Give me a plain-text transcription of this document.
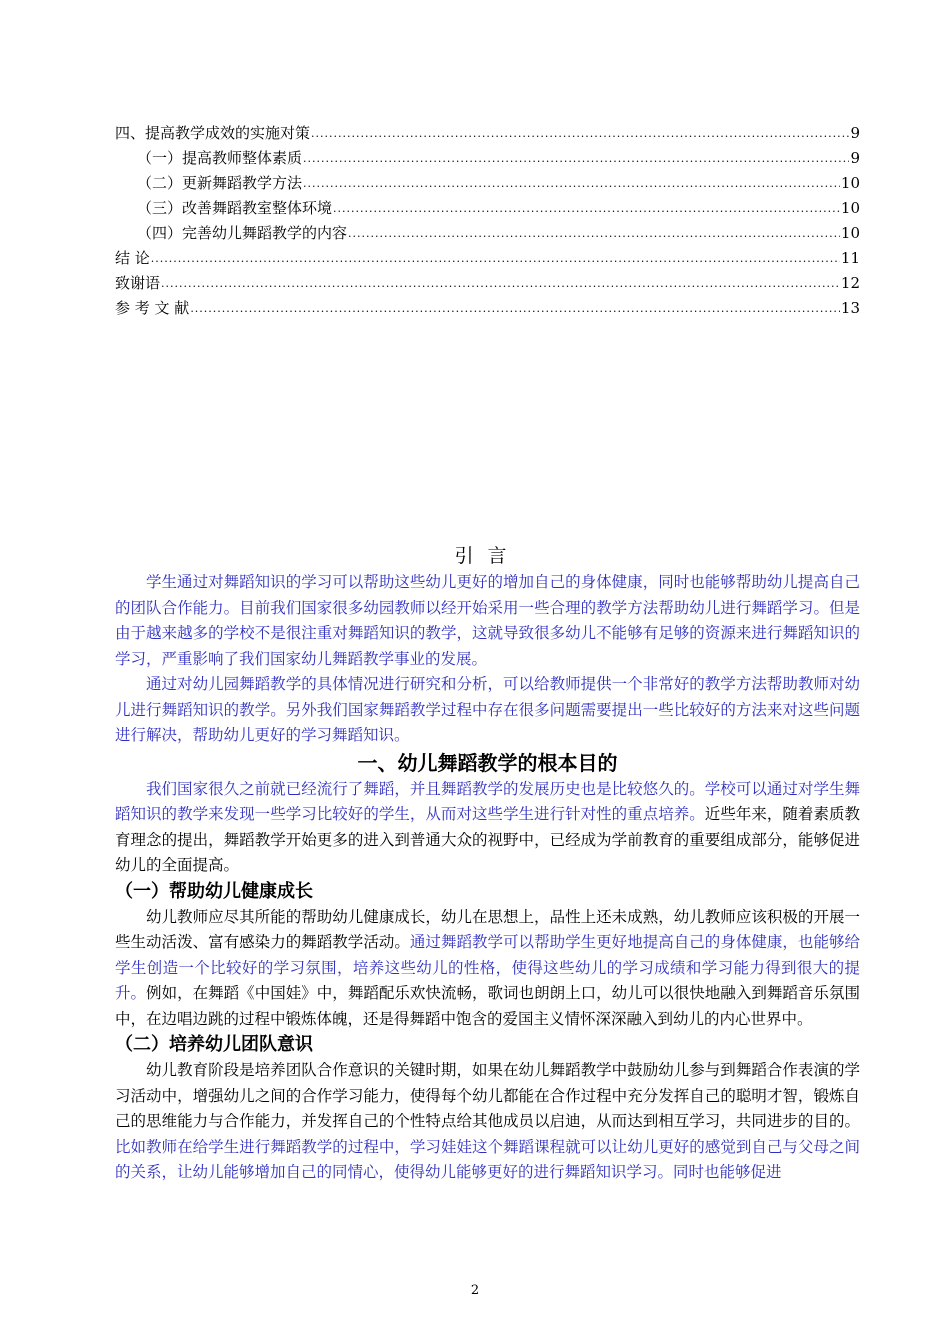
四、提高教学成效的实施对策 .....	9
（一）提高教师整体素质 .....	9
（二）更新舞蹈教学方法 .....	10
（三）改善舞蹈教室整体环境 .....	10
（四）完善幼儿舞蹈教学的内容 .....	10
结 论 .....	11
致谢语 .....	12
参 考 文 献 .....	13
引言

学生通过对舞蹈知识的学习可以帮助这些幼儿更好的增加自己的身体健康，同时也能够帮助幼儿提高自己的团队合作能力。目前我们国家很多幼园教师以经开始采用一些合理的教学方法帮助幼儿进行舞蹈学习。但是由于越来越多的学校不是很注重对舞蹈知识的教学，这就导致很多幼儿不能够有足够的资源来进行舞蹈知识的学习，严重影响了我们国家幼儿舞蹈教学事业的发展。

通过对幼儿园舞蹈教学的具体情况进行研究和分析，可以给教师提供一个非常好的教学方法帮助教师对幼儿进行舞蹈知识的教学。另外我们国家舞蹈教学过程中存在很多问题需要提出一些比较好的方法来对这些问题进行解决，帮助幼儿更好的学习舞蹈知识。

一、幼儿舞蹈教学的根本目的

我们国家很久之前就已经流行了舞蹈，并且舞蹈教学的发展历史也是比较悠久的。学校可以通过对学生舞蹈知识的教学来发现一些学习比较好的学生，从而对这些学生进行针对性的重点培养。近些年来，随着素质教育理念的提出，舞蹈教学开始更多的进入到普通大众的视野中，已经成为学前教育的重要组成部分，能够促进幼儿的全面提高。

（一）帮助幼儿健康成长

幼儿教师应尽其所能的帮助幼儿健康成长，幼儿在思想上，品性上还未成熟，幼儿教师应该积极的开展一些生动活泼、富有感染力的舞蹈教学活动。通过舞蹈教学可以帮助学生更好地提高自己的身体健康，也能够给学生创造一个比较好的学习氛围，培养这些幼儿的性格，使得这些幼儿的学习成绩和学习能力得到很大的提升。例如，在舞蹈《中国娃》中，舞蹈配乐欢快流畅，歌词也朗朗上口，幼儿可以很快地融入到舞蹈音乐氛围中，在边唱边跳的过程中锻炼体魄，还是得舞蹈中饱含的爱国主义情怀深深融入到幼儿的内心世界中。

（二）培养幼儿团队意识

幼儿教育阶段是培养团队合作意识的关键时期，如果在幼儿舞蹈教学中鼓励幼儿参与到舞蹈合作表演的学习活动中，增强幼儿之间的合作学习能力，使得每个幼儿都能在合作过程中充分发挥自己的聪明才智，锻炼自己的思维能力与合作能力，并发挥自己的个性特点给其他成员以启迪，从而达到相互学习，共同进步的目的。比如教师在给学生进行舞蹈教学的过程中，学习娃娃这个舞蹈课程就可以让幼儿更好的感觉到自己与父母之间的关系，让幼儿能够增加自己的同情心，使得幼儿能够更好的进行舞蹈知识学习。同时也能够促进

2
